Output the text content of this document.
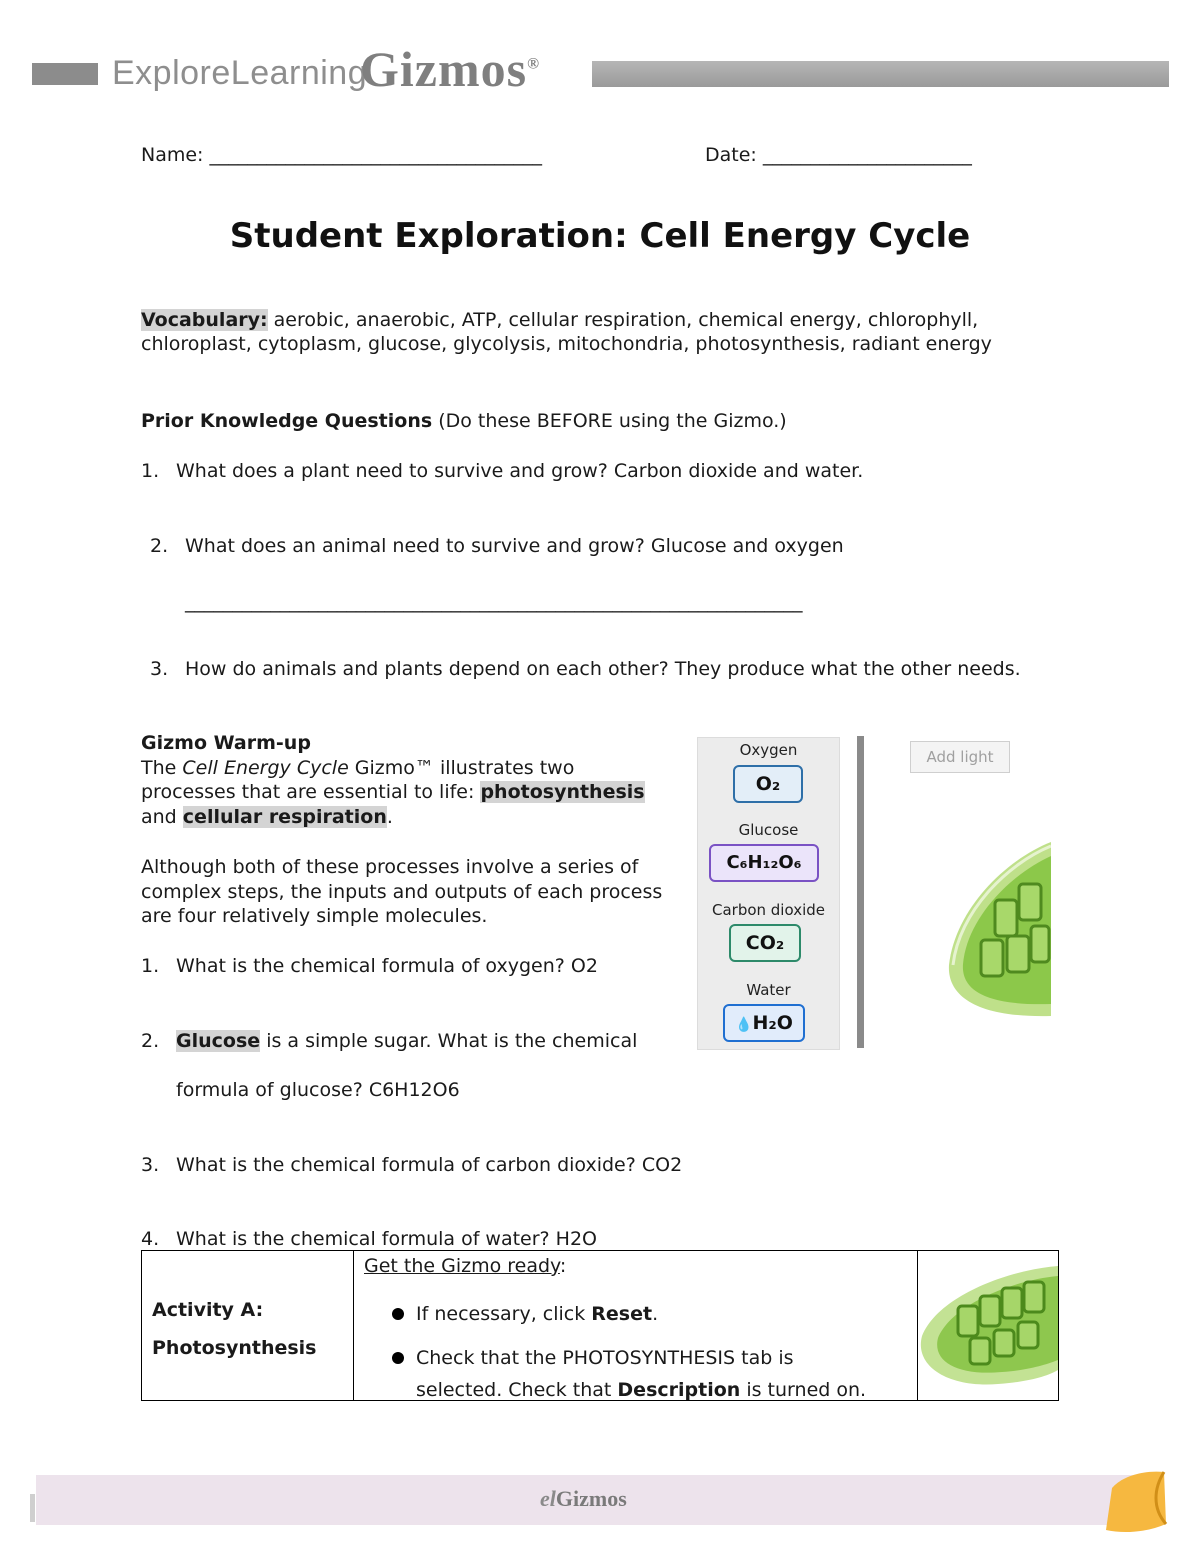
ExploreLearning
Gizmos®
Name: ___________________________________	Date: ______________________
Student Exploration: Cell Energy Cycle
Vocabulary: aerobic, anaerobic, ATP, cellular respiration, chemical energy, chlorophyll,
chloroplast, cytoplasm, glucose, glycolysis, mitochondria, photosynthesis, radiant energy
Prior Knowledge Questions (Do these BEFORE using the Gizmo.)
1. What does a plant need to survive and grow? Carbon dioxide and water.
2. What does an animal need to survive and grow? Glucose and oxygen
_________________________________________________________________
3. How do animals and plants depend on each other? They produce what the other needs.
Gizmo Warm-up
The Cell Energy Cycle Gizmo™ illustrates two
processes that are essential to life: photosynthesis
and cellular respiration.
Although both of these processes involve a series of
complex steps, the inputs and outputs of each process
are four relatively simple molecules.
1. What is the chemical formula of oxygen? O2
2. Glucose is a simple sugar. What is the chemical
formula of glucose? C6H12O6
3. What is the chemical formula of carbon dioxide? CO2
4. What is the chemical formula of water? H2O
Oxygen
O₂
Glucose
C₆H₁₂O₆
Carbon dioxide
CO₂
Water
💧H₂O
Add light
Activity A:
Photosynthesis
Get the Gizmo ready:
If necessary, click Reset.
Check that the PHOTOSYNTHESIS tab is
selected. Check that Description is turned on.
elGizmos
